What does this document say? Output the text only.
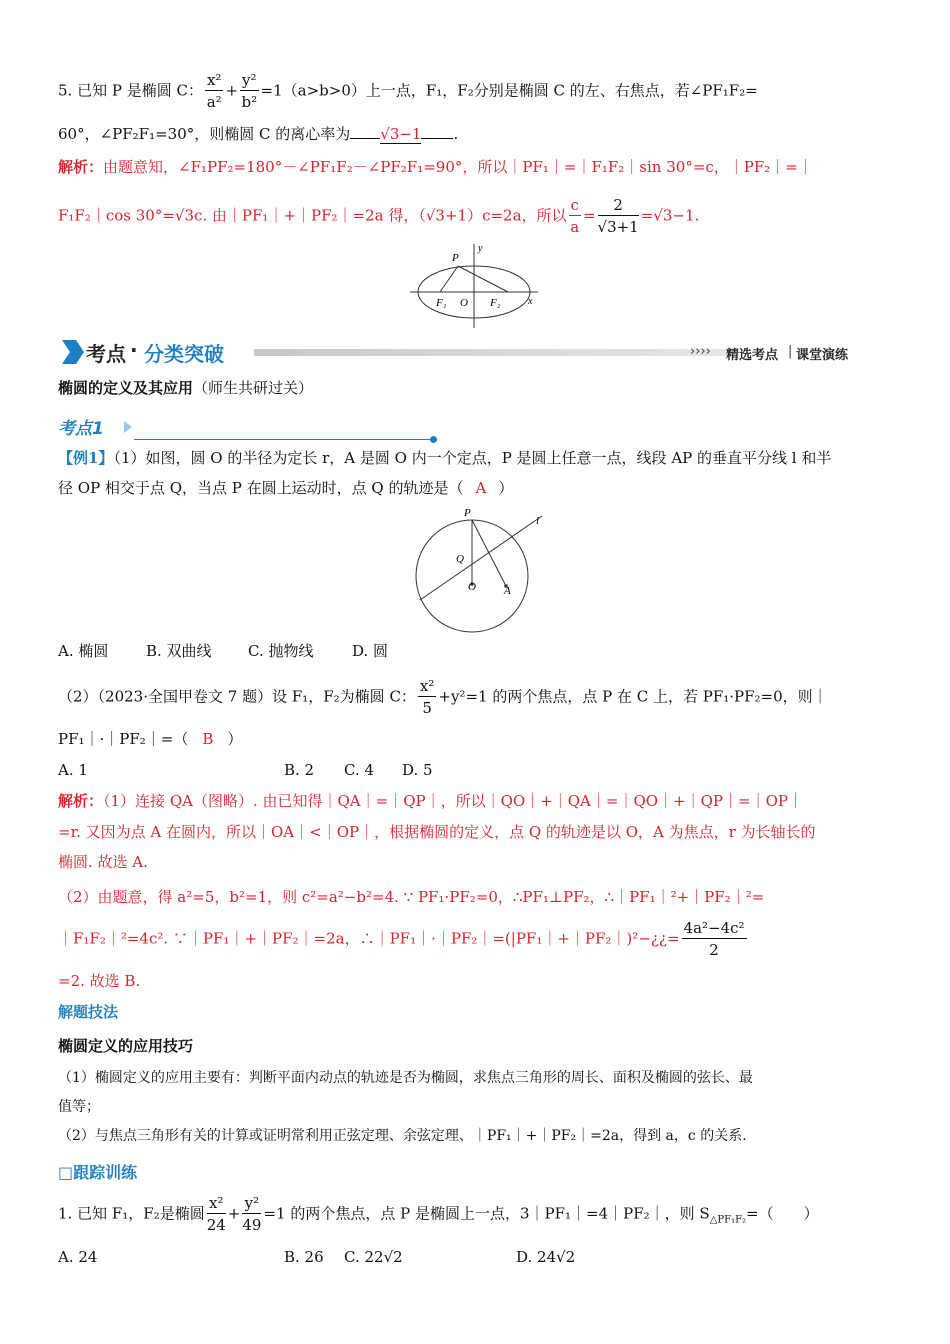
5. 已知 P 是椭圆 C： $\frac{\text{x²}}{\text{a²}} + \frac{\text{y²}}{\text{b²}} =1(a>b>0)$上一点，F₁，F₂分别是椭圆 C 的左、右焦点，若∠PF₁F₂=
60°，∠PF₂F₁=30°，则椭圆 C 的离心率为 √3−1 .
解析：由题意知，∠F₁PF₂=180°－∠PF₁F₂－∠PF₂F₁=90°，所以｜PF₁｜=｜F₁F₂｜sin 30°=c，｜PF₂｜=｜
F₁F₂｜cos 30°=√3c. 由｜PF₁｜+｜PF₂｜=2a 得，（√3+1）c=2a，所以 $\frac{c}{a} = \frac{2}{√3+1} =√3-1$.
P
y
F₁ O F₂	x
考点 · 分类突破	›››› 精选考点 | 课堂演练
椭圆的定义及其应用（师生共研过关）
考点1
【例1】（1）如图，圆 O 的半径为定长 r，A 是圆 O 内一个定点，P 是圆上任意一点，线段 AP 的垂直平分线 l 和半
径 OP 相交于点 Q，当点 P 在圆上运动时，点 Q 的轨迹是（ A ）
P
l
Q
O	A
A. 椭圆	B. 双曲线 C. 抛物线	D. 圆
（2）（2023·全国甲卷文 7 题）设 F₁，F₂为椭圆 C： $\frac{\text{x²}}{5} +y^2=1$ 的两个焦点，点 P 在 C 上，若 PF₁·PF₂=0，则｜
PF₁｜·｜PF₂｜=（ B ）
A. 1	B. 2 C. 4 D. 5
解析：（1）连接 QA（图略）. 由已知得｜QA｜=｜QP｜，所以｜QO｜+｜QA｜=｜QO｜+｜QP｜=｜OP｜
=r. 又因为点 A 在圆内，所以｜OA｜<｜OP｜，根据椭圆的定义，点 Q 的轨迹是以 O，A 为焦点，r 为长轴长的
椭圆. 故选 A.
（2）由题意，得 a²=5，b²=1，则 c²=a²−b²=4. ∵ PF₁·PF₂=0，∴PF₁⊥PF₂，∴｜PF₁｜²+｜PF₂｜²=
｜F₁F₂｜²=4c². ∵｜PF₁｜+｜PF₂｜=2a，∴｜PF₁｜·｜PF₂｜=(|PF₁｜+｜PF₂｜)²−¿¿= $\frac{\text{4a²−4c²}}{2}$
=2. 故选 B.
解题技法
椭圆定义的应用技巧
（1）椭圆定义的应用主要有：判断平面内动点的轨迹是否为椭圆，求焦点三角形的周长、面积及椭圆的弦长、最
值等；
（2）与焦点三角形有关的计算或证明常利用正弦定理、余弦定理、｜PF₁｜+｜PF₂｜=2a，得到 a，c 的关系.
□跟踪训练
1. 已知 F₁，F₂是椭圆 $\frac{\text{x²}}{24} + \frac{\text{y²}}{49} =1$ 的两个焦点，点 P 是椭圆上一点，3｜PF₁｜=4｜PF₂｜，则 $S_{\triangle PF_1F_2}=$（　　）
A. 24	B. 26 C. 22√2	D. 24√2
